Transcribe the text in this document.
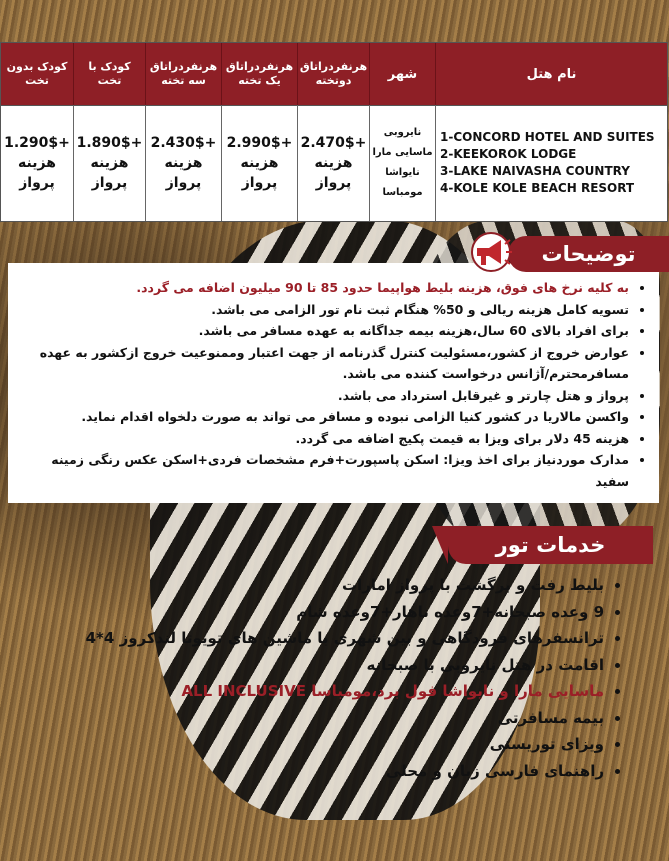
نام هتل
شهر
هرنفردراتاق
دوتخته
هرنفردراتاق
یک تخته
هرنفردراتاق
سه تخته
کودک با
تخت
کودک بدون
تخت
1-CONCORD HOTEL AND SUITES
2-KEEKOROK LODGE
3-LAKE NAIVASHA COUNTRY
4-KOLE KOLE BEACH RESORT
نایروبی
ماسایی مارا
نایواشا
مومباسا
2.470$+
هزینه پرواز
2.990$+
هزینه پرواز
2.430$+
هزینه پرواز
1.890$+
هزینه پرواز
1.290$+
هزینه پرواز
• به کلیه نرخ های فوق، هزینه بلیط هواپیما حدود 85 تا 90 میلیون اضافه می گردد.
• تسویه کامل هزینه ریالی و 50% هنگام ثبت نام تور الزامی می باشد.
• برای افراد بالای 60 سال،هزینه بیمه جداگانه به عهده مسافر می باشد.
• عوارض خروج از کشور،مسئولیت کنترل گذرنامه از جهت اعتبار وممنوعیت خروج ازکشور به عهده مسافرمحترم/آژانس درخواست کننده می باشد.
• پرواز و هتل چارتر و غیرقابل استرداد می باشد.
• واکسن مالاریا در کشور کنیا الزامی نبوده و مسافر می تواند به صورت دلخواه اقدام نماید.
• هزینه 45 دلار برای ویزا به قیمت پکیج اضافه می گردد.
• مدارک موردنیاز برای اخذ ویزا: اسکن پاسپورت+فرم مشخصات فردی+اسکن عکس رنگی زمینه سفید
توضیحات
خدمات تور
• بلیط رفت و برگشت با پرواز امارات
• 9 وعده صبحانه+7وعده ناهار+7وعده شام
• ترانسفرهای فرودگاهی و بین شهری با ماشین های تویوتا لندکروز 4*4
• اقامت در هتل نایروبی با صبحانه
• ماسایی مارا و نایواشا فول برد،مومباسا ALL INCLUSIVE
• بیمه مسافرتی
• ویزای توریستی
• راهنمای فارسی زبان و محلی
